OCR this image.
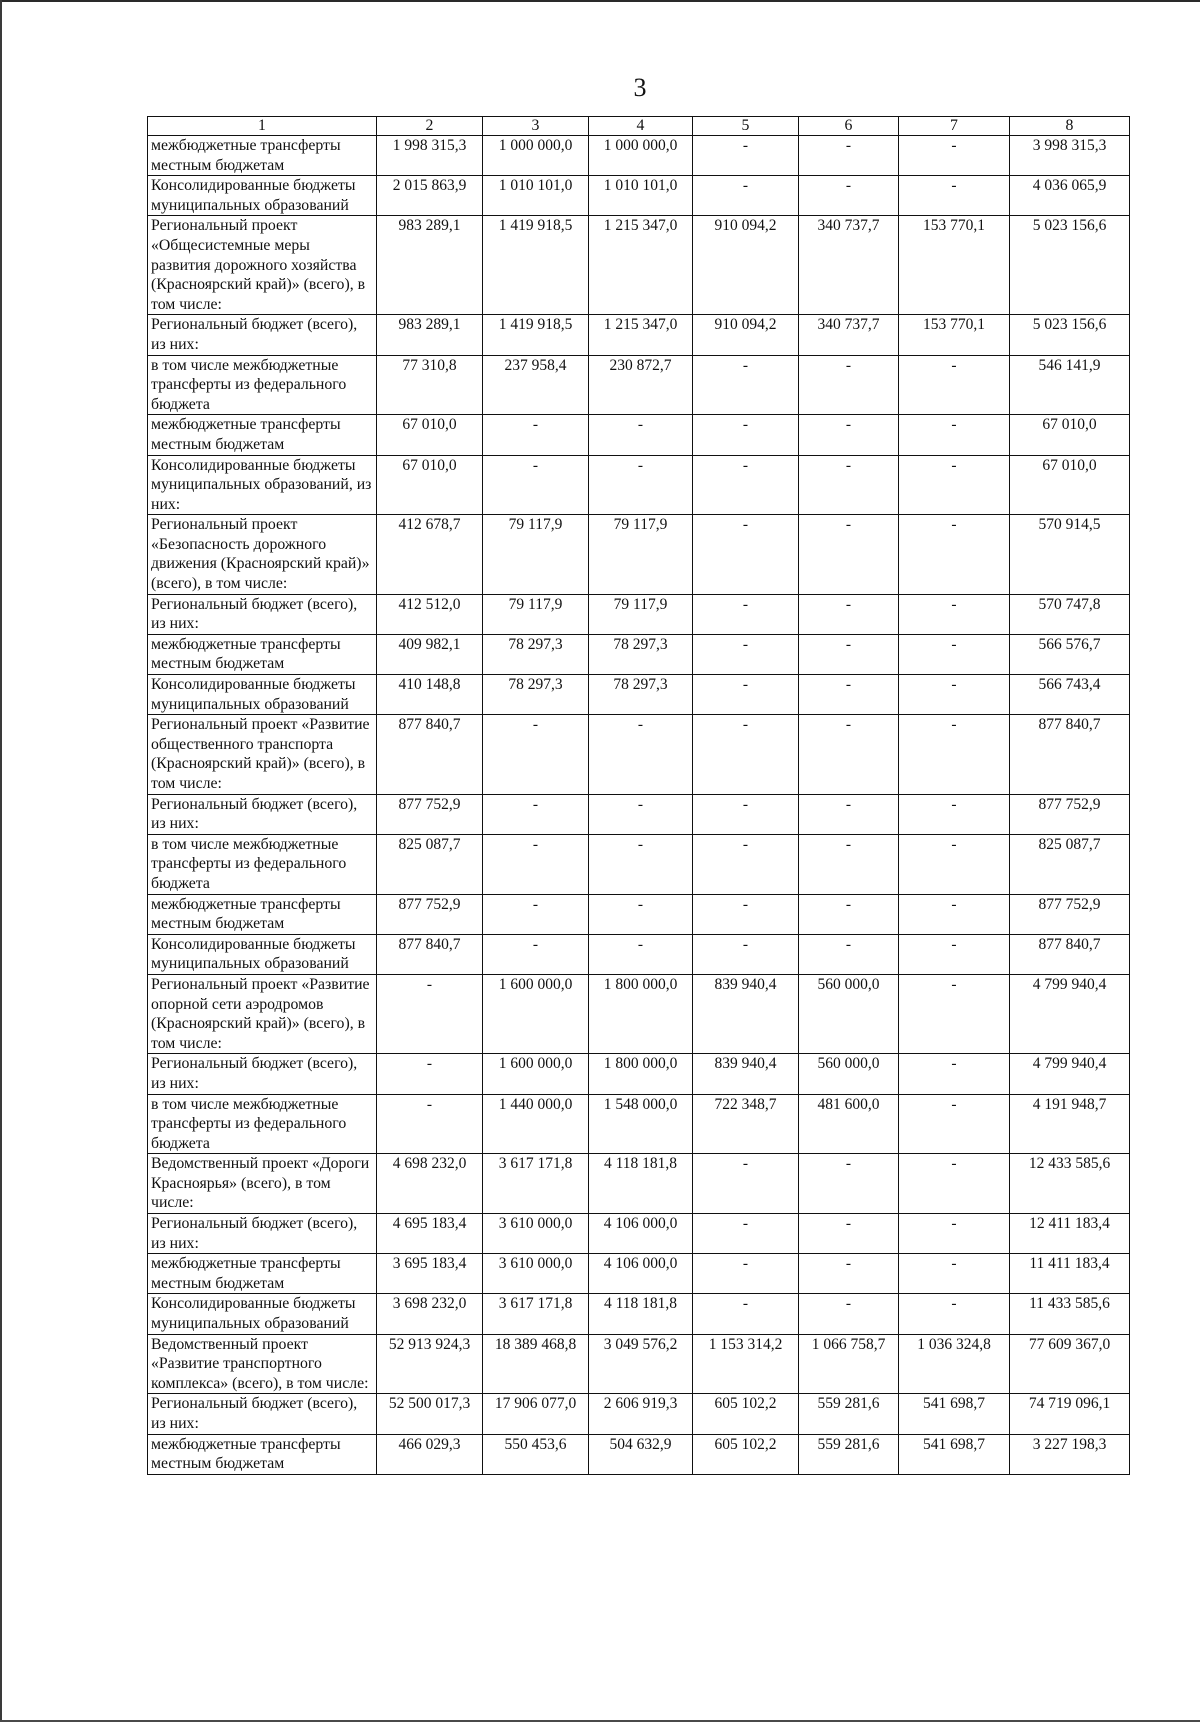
3
1	2	3	4	5	6	7	8
межбюджетные трансферты местным бюджетам	1 998 315,3	1 000 000,0	1 000 000,0	-	-	-	3 998 315,3
Консолидированные бюджеты муниципальных образований	2 015 863,9	1 010 101,0	1 010 101,0	-	-	-	4 036 065,9
Региональный проект «Общесистемные меры развития дорожного хозяйства (Красноярский край)» (всего), в том числе:	983 289,1	1 419 918,5	1 215 347,0	910 094,2	340 737,7	153 770,1	5 023 156,6
Региональный бюджет (всего), из них:	983 289,1	1 419 918,5	1 215 347,0	910 094,2	340 737,7	153 770,1	5 023 156,6
в том числе межбюджетные трансферты из федерального бюджета	77 310,8	237 958,4	230 872,7	-	-	-	546 141,9
межбюджетные трансферты местным бюджетам	67 010,0	-	-	-	-	-	67 010,0
Консолидированные бюджеты муниципальных образований, из них:	67 010,0	-	-	-	-	-	67 010,0
Региональный проект «Безопасность дорожного движения (Красноярский край)» (всего), в том числе:	412 678,7	79 117,9	79 117,9	-	-	-	570 914,5
Региональный бюджет (всего), из них:	412 512,0	79 117,9	79 117,9	-	-	-	570 747,8
межбюджетные трансферты местным бюджетам	409 982,1	78 297,3	78 297,3	-	-	-	566 576,7
Консолидированные бюджеты муниципальных образований	410 148,8	78 297,3	78 297,3	-	-	-	566 743,4
Региональный проект «Развитие общественного транспорта (Красноярский край)» (всего), в том числе:	877 840,7	-	-	-	-	-	877 840,7
Региональный бюджет (всего), из них:	877 752,9	-	-	-	-	-	877 752,9
в том числе межбюджетные трансферты из федерального бюджета	825 087,7	-	-	-	-	-	825 087,7
межбюджетные трансферты местным бюджетам	877 752,9	-	-	-	-	-	877 752,9
Консолидированные бюджеты муниципальных образований	877 840,7	-	-	-	-	-	877 840,7
Региональный проект «Развитие опорной сети аэродромов (Красноярский край)» (всего), в том числе:	-	1 600 000,0	1 800 000,0	839 940,4	560 000,0	-	4 799 940,4
Региональный бюджет (всего), из них:	-	1 600 000,0	1 800 000,0	839 940,4	560 000,0	-	4 799 940,4
в том числе межбюджетные трансферты из федерального бюджета	-	1 440 000,0	1 548 000,0	722 348,7	481 600,0	-	4 191 948,7
Ведомственный проект «Дороги Красноярья» (всего), в том числе:	4 698 232,0	3 617 171,8	4 118 181,8	-	-	-	12 433 585,6
Региональный бюджет (всего), из них:	4 695 183,4	3 610 000,0	4 106 000,0	-	-	-	12 411 183,4
межбюджетные трансферты местным бюджетам	3 695 183,4	3 610 000,0	4 106 000,0	-	-	-	11 411 183,4
Консолидированные бюджеты муниципальных образований	3 698 232,0	3 617 171,8	4 118 181,8	-	-	-	11 433 585,6
Ведомственный проект «Развитие транспортного комплекса» (всего), в том числе:	52 913 924,3	18 389 468,8	3 049 576,2	1 153 314,2	1 066 758,7	1 036 324,8	77 609 367,0
Региональный бюджет (всего), из них:	52 500 017,3	17 906 077,0	2 606 919,3	605 102,2	559 281,6	541 698,7	74 719 096,1
межбюджетные трансферты местным бюджетам	466 029,3	550 453,6	504 632,9	605 102,2	559 281,6	541 698,7	3 227 198,3
